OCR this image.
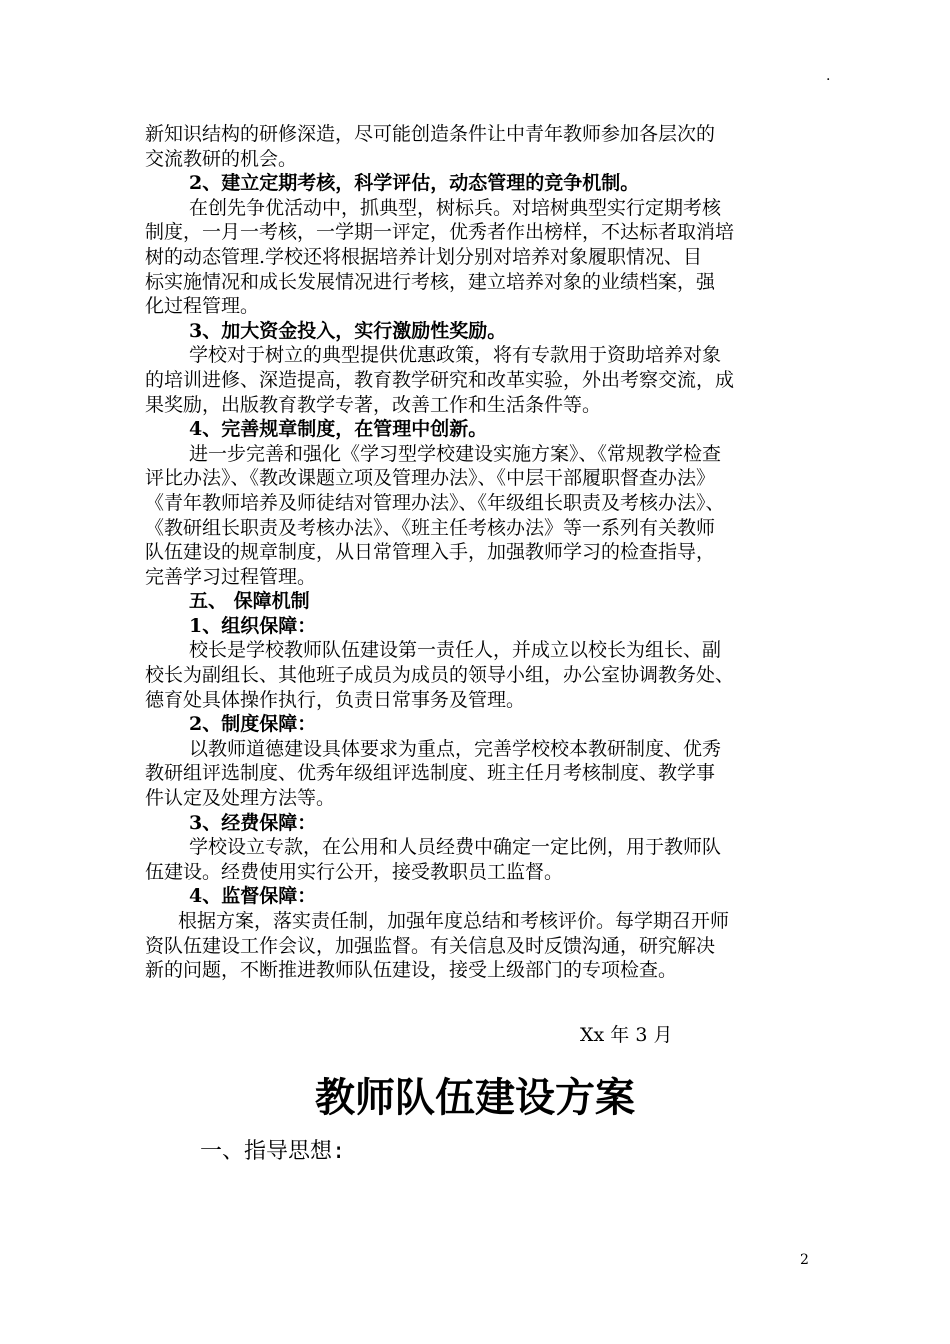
.
新知识结构的研修深造，尽可能创造条件让中青年教师参加各层次的
交流教研的机会。
2、建立定期考核，科学评估，动态管理的竞争机制。
在创先争优活动中，抓典型，树标兵。对培树典型实行定期考核
制度，一月一考核，一学期一评定，优秀者作出榜样，不达标者取消培
树的动态管理.学校还将根据培养计划分别对培养对象履职情况、目
标实施情况和成长发展情况进行考核，建立培养对象的业绩档案，强
化过程管理。
3、加大资金投入，实行激励性奖励。
学校对于树立的典型提供优惠政策，将有专款用于资助培养对象
的培训进修、深造提高，教育教学研究和改革实验，外出考察交流，成
果奖励，出版教育教学专著，改善工作和生活条件等。
4、完善规章制度，在管理中创新。
进一步完善和强化《学习型学校建设实施方案》、《常规教学检查
评比办法》、《教改课题立项及管理办法》、《中层干部履职督查办法》
《青年教师培养及师徒结对管理办法》、《年级组长职责及考核办法》、
《教研组长职责及考核办法》、《班主任考核办法》等一系列有关教师
队伍建设的规章制度，从日常管理入手，加强教师学习的检查指导，
完善学习过程管理。
五、 保障机制
1、组织保障：
校长是学校教师队伍建设第一责任人，并成立以校长为组长、副
校长为副组长、其他班子成员为成员的领导小组，办公室协调教务处、
德育处具体操作执行，负责日常事务及管理。
2、制度保障：
以教师道德建设具体要求为重点，完善学校校本教研制度、优秀
教研组评选制度、优秀年级组评选制度、班主任月考核制度、教学事
件认定及处理方法等。
3、经费保障：
学校设立专款，在公用和人员经费中确定一定比例，用于教师队
伍建设。经费使用实行公开，接受教职员工监督。
4、监督保障：
根据方案，落实责任制，加强年度总结和考核评价。每学期召开师
资队伍建设工作会议，加强监督。有关信息及时反馈沟通，研究解决
新的问题，不断推进教师队伍建设，接受上级部门的专项检查。
Xx 年 3 月
教师队伍建设方案
一、指导思想:
2
